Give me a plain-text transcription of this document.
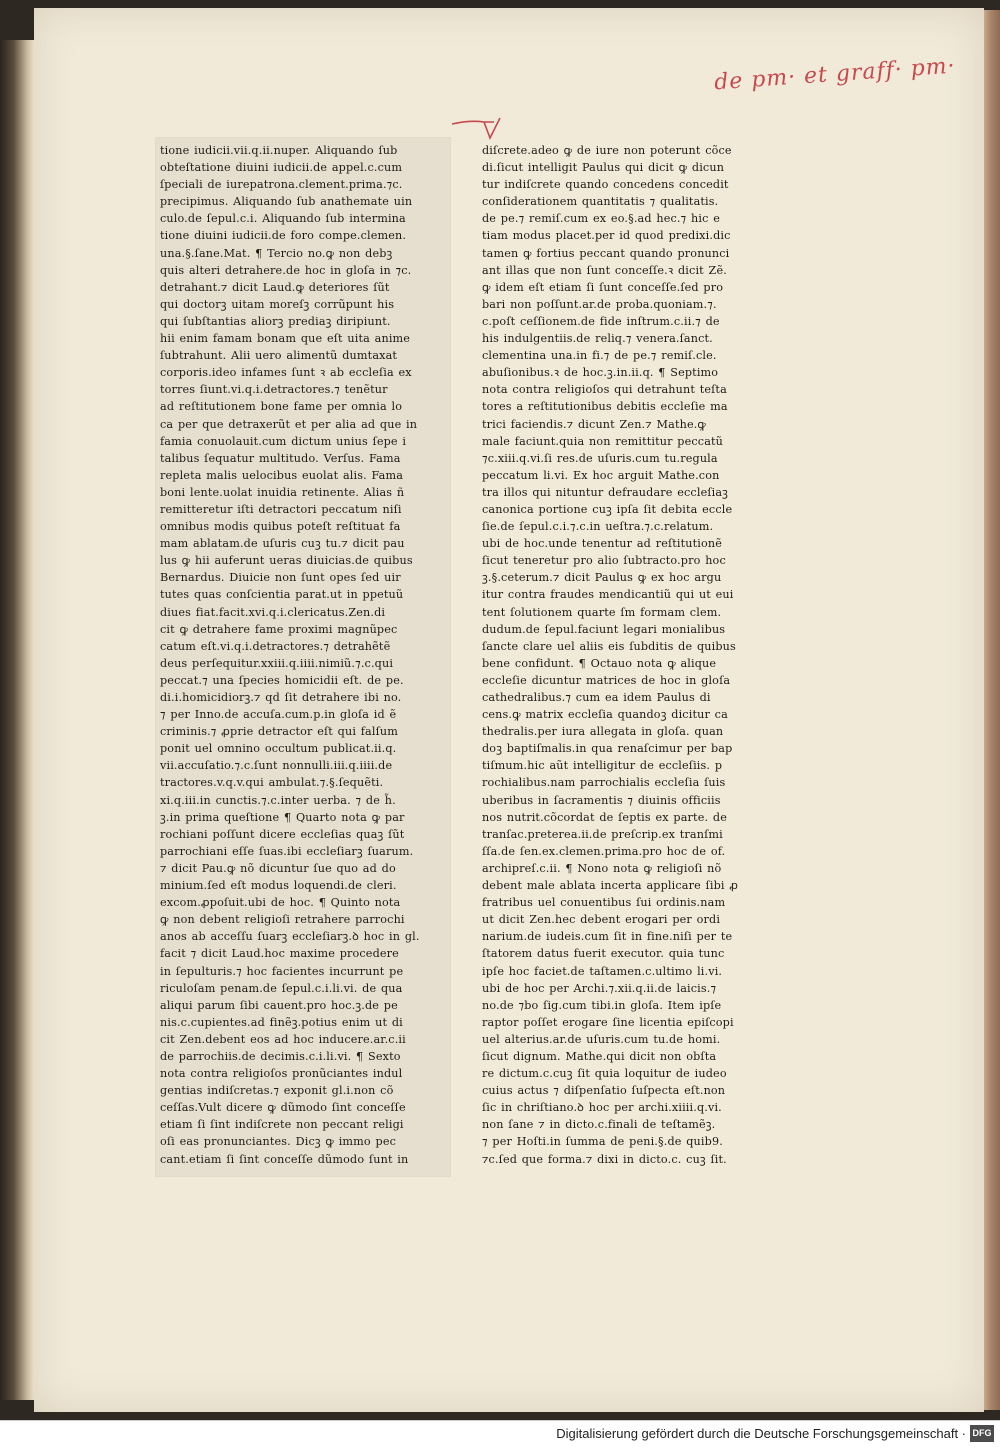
de pm· et graff· pm·
tione iudicii.vii.q.ii.nuper. Aliquando ſub
obteſtatione diuini iudicii.de appel.c.cum
ſpeciali de iurepatrona.clement.prima.⁊c.
precipimus. Aliquando ſub anathemate uin
culo.de ſepul.c.i. Aliquando ſub intermina
tione diuini iudicii.de foro compe.clemen.
una.§.ſane.Mat. ¶ Tercio no.ꝙ non debꝫ
quis alteri detrahere.de hoc in gloſa in ⁊c.
detrahant.⁊ dicit Laud.ꝙ deteriores ſũt
qui doctorꝫ uitam moreſꝫ corrũpunt his
qui ſubſtantias aliorꝫ prediaꝫ diripiunt.
hii enim famam bonam que eſt uita anime
ſubtrahunt. Alii uero alimentũ dumtaxat
corporis.ideo infames ſunt ꝛ ab eccleſia ex
torres ſiunt.vi.q.i.detractores.⁊ tenẽtur
ad reſtitutionem bone fame per omnia lo
ca per que detraxerũt et per alia ad que in
famia conuolauit.cum dictum unius ſepe i
talibus ſequatur multitudo. Verſus. Fama
repleta malis uelocibus euolat alis. Fama
boni lente.uolat inuidia retinente. Alias ñ
remitteretur iſti detractori peccatum niſi
omnibus modis quibus poteſt reſtituat fa
mam ablatam.de uſuris cuꝫ tu.⁊ dicit pau
lus ꝙ hii auferunt ueras diuicias.de quibus
Bernardus. Diuicie non ſunt opes ſed uir
tutes quas conſcientia parat.ut in ppetuũ
diues fiat.facit.xvi.q.i.clericatus.Zen.di
cit ꝙ detrahere fame proximi magnũpec
catum eſt.vi.q.i.detractores.⁊ detrahẽtẽ
deus perſequitur.xxiii.q.iiii.nimiũ.⁊.c.qui
peccat.⁊ una ſpecies homicidii eſt. de pe.
di.i.homicidiorꝫ.⁊ qd ſit detrahere ibi no.
⁊ per Inno.de accuſa.cum.p.in gloſa id ẽ
criminis.⁊ ꝓprie detractor eſt qui falſum
ponit uel omnino occultum publicat.ii.q.
vii.accuſatio.⁊.c.ſunt nonnulli.iii.q.iiii.de
tractores.v.q.v.qui ambulat.⁊.§.ſequẽti.
xi.q.iii.in cunctis.⁊.c.inter uerba. ⁊ de h̃.
ꝫ.in prima queſtione ¶ Quarto nota ꝙ par
rochiani poſſunt dicere eccleſias quaꝫ ſũt
parrochiani eſſe ſuas.ibi eccleſiarꝫ ſuarum.
⁊ dicit Pau.ꝙ nõ dicuntur ſue quo ad do
minium.ſed eſt modus loquendi.de cleri.
excom.ꝓpoſuit.ubi de hoc. ¶ Quinto nota
ꝙ non debent religioſi retrahere parrochi
anos ab acceſſu ſuarꝫ eccleſiarꝫ.ꝺ hoc in gl.
facit ⁊ dicit Laud.hoc maxime procedere
in ſepulturis.⁊ hoc facientes incurrunt pe
riculoſam penam.de ſepul.c.i.li.vi. de qua
aliqui parum ſibi cauent.pro hoc.ꝫ.de pe
nis.c.cupientes.ad finẽꝫ.potius enim ut di
cit Zen.debent eos ad hoc inducere.ar.c.ii
de parrochiis.de decimis.c.i.li.vi. ¶ Sexto
nota contra religioſos pronũciantes indul
gentias indiſcretas.⁊ exponit gl.i.non cõ
ceſſas.Vult dicere ꝙ dũmodo ſint conceſſe
etiam ſi ſint indiſcrete non peccant religi
oſi eas pronunciantes. Dicꝫ ꝙ immo pec
cant.etiam ſi ſint conceſſe dũmodo ſunt in
diſcrete.adeo ꝙ de iure non poterunt cõce
di.ſicut intelligit Paulus qui dicit ꝙ dicun
tur indiſcrete quando concedens concedit
conſiderationem quantitatis ⁊ qualitatis.
de pe.⁊ remiſ.cum ex eo.§.ad hec.⁊ hic e
tiam modus placet.per id quod predixi.dic
tamen ꝙ fortius peccant quando pronunci
ant illas que non ſunt conceſſe.ꝛ dicit Zẽ.
ꝙ idem eſt etiam ſi ſunt conceſſe.ſed pro
bari non poſſunt.ar.de proba.quoniam.⁊.
c.poſt ceſſionem.de fide inſtrum.c.ii.⁊ de
his indulgentiis.de reliq.⁊ venera.ſanct.
clementina una.in fi.⁊ de pe.⁊ remiſ.cle.
abuſionibus.ꝛ de hoc.ꝫ.in.ii.q. ¶ Septimo
nota contra religioſos qui detrahunt teſta
tores a reſtitutionibus debitis eccleſie ma
trici faciendis.⁊ dicunt Zen.⁊ Mathe.ꝙ
male faciunt.quia non remittitur peccatũ
⁊c.xiii.q.vi.ſi res.de uſuris.cum tu.regula
peccatum li.vi. Ex hoc arguit Mathe.con
tra illos qui nituntur defraudare eccleſiaꝫ
canonica portione cuꝫ ipſa ſit debita eccle
ſie.de ſepul.c.i.⁊.c.in ueſtra.⁊.c.relatum.
ubi de hoc.unde tenentur ad reſtitutionẽ
ſicut teneretur pro alio ſubtracto.pro hoc
ꝫ.§.ceterum.⁊ dicit Paulus ꝙ ex hoc argu
itur contra fraudes mendicantiũ qui ut eui
tent ſolutionem quarte ſm formam clem.
dudum.de ſepul.faciunt legari monialibus
ſancte clare uel aliis eis ſubditis de quibus
bene confidunt. ¶ Octauo nota ꝙ alique
eccleſie dicuntur matrices de hoc in gloſa
cathedralibus.⁊ cum ea idem Paulus di
cens.ꝙ matrix eccleſia quandoꝫ dicitur ca
thedralis.per iura allegata in gloſa. quan
doꝫ baptiſmalis.in qua renaſcimur per bap
tiſmum.hic aũt intelligitur de eccleſiis. p
rochialibus.nam parrochialis eccleſia ſuis
uberibus in ſacramentis ⁊ diuinis officiis
nos nutrit.cõcordat de ſeptis ex parte. de
tranſac.preterea.ii.de preſcrip.ex tranſmi
ſſa.de ſen.ex.clemen.prima.pro hoc de of.
archipreſ.c.ii. ¶ Nono nota ꝙ religioſi nõ
debent male ablata incerta applicare ſibi ꝓ
fratribus uel conuentibus ſui ordinis.nam
ut dicit Zen.hec debent erogari per ordi
narium.de iudeis.cum ſit in fine.niſi per te
ſtatorem datus fuerit executor. quia tunc
ipſe hoc faciet.de taſtamen.c.ultimo li.vi.
ubi de hoc per Archi.⁊.xii.q.ii.de laicis.⁊
no.de ⁊bo ſig.cum tibi.in gloſa. Item ipſe
raptor poſſet erogare ſine licentia epiſcopi
uel alterius.ar.de uſuris.cum tu.de homi.
ſicut dignum. Mathe.qui dicit non obſta
re dictum.c.cuꝫ ſit quia loquitur de iudeo
cuius actus ⁊ diſpenſatio ſuſpecta eſt.non
ſic in chriſtiano.ꝺ hoc per archi.xiiii.q.vi.
non ſane ⁊ in dicto.c.finali de teſtamẽꝫ.
⁊ per Hoſti.in ſumma de peni.§.de quib9.
⁊c.ſed que forma.⁊ dixi in dicto.c. cuꝫ ſit.
Digitalisierung gefördert durch die Deutsche Forschungsgemeinschaft · DFG
